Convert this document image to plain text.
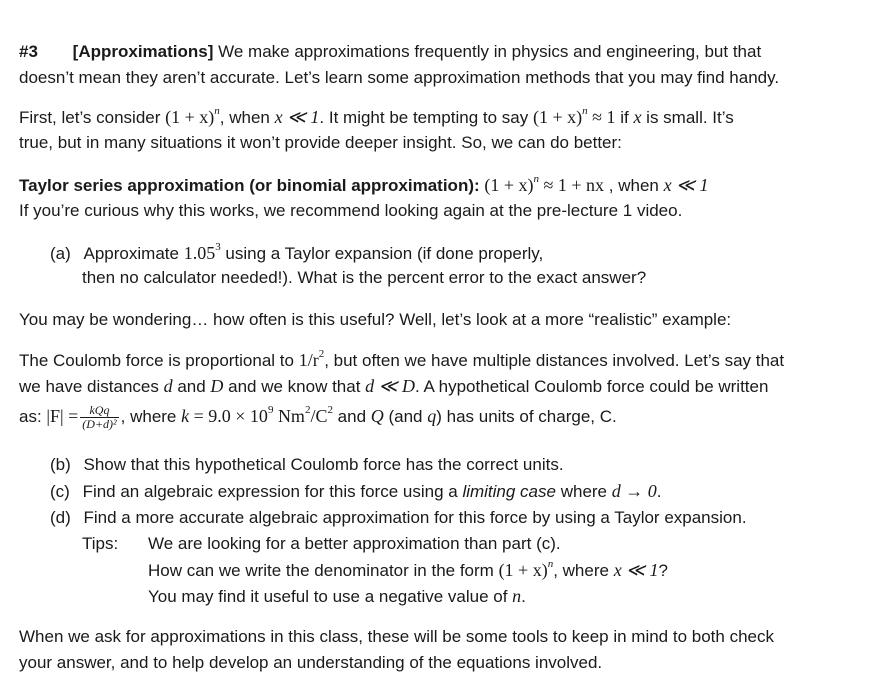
#3 [Approximations] We make approximations frequently in physics and engineering, but that
doesn’t mean they aren’t accurate. Let’s learn some approximation methods that you may find handy.
First, let’s consider $(1 + x)^n$, when x ≪ 1. It might be tempting to say $(1 + x)^n \approx 1$ if x is small. It’s
true, but in many situations it won’t provide deeper insight. So, we can do better:
Taylor series approximation (or binomial approximation): $(1 + x)^n \approx 1$ + nx , when x ≪ 1
If you’re curious why this works, we recommend looking again at the pre-lecture 1 video.
(a) Approximate 1.05$^3$ using a Taylor expansion (if done properly,
then no calculator needed!). What is the percent error to the exact answer?
You may be wondering… how often is this useful? Well, let’s look at a more “realistic” example:
The Coulomb force is proportional to $1/r^2$, but often we have multiple distances involved. Let’s say that
we have distances d and D and we know that d ≪ D. A hypothetical Coulomb force could be written
as: $|F| = \frac{\text{kQq}}{\text{(D+d)²}}$ , where $k = 9.0 \times 10^9$ $Nm^2/C^2$ and Q (and q) has units of charge, C.
(b) Show that this hypothetical Coulomb force has the correct units.
(c) Find an algebraic expression for this force using a limiting case where d → 0.
(d) Find a more accurate algebraic approximation for this force by using a Taylor expansion.
Tips: We are looking for a better approximation than part (c).
How can we write the denominator in the form $(1 + x)^n$, where x ≪ 1?
You may find it useful to use a negative value of n.
When we ask for approximations in this class, these will be some tools to keep in mind to both check
your answer, and to help develop an understanding of the equations involved.
